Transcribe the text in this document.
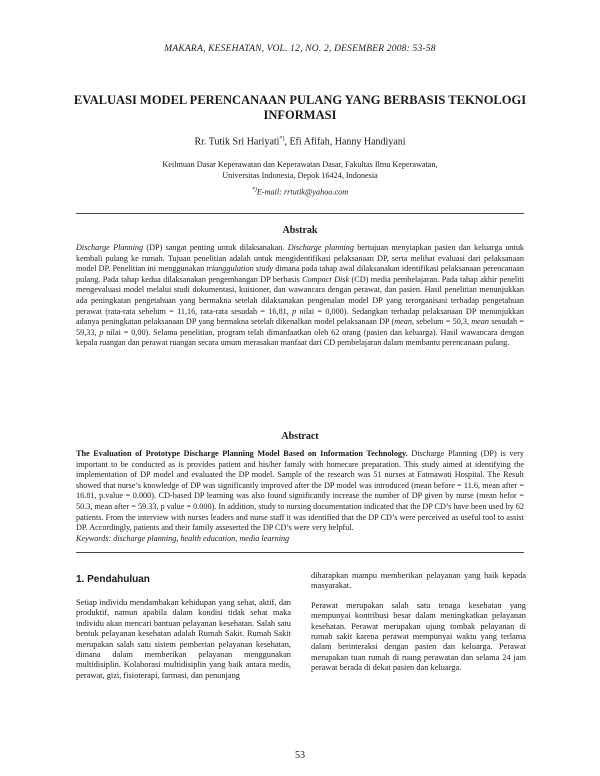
MAKARA, KESEHATAN, VOL. 12, NO. 2, DESEMBER 2008: 53-58
EVALUASI MODEL PERENCANAAN PULANG YANG BERBASIS TEKNOLOGI INFORMASI
Rr. Tutik Sri Hariyati*), Efi Afifah, Hanny Handiyani
Keilmuan Dasar Keperawatan dan Keperawatan Dasar, Fakultas Ilmu Keperawatan,
Universitas Indonesia, Depok 16424, Indonesia
*)E-mail: rrtutik@yahoo.com
Abstrak
Discharge Planning (DP) sangat penting untuk dilaksanakan. Discharge planning bertujuan menyiapkan pasien dan keluarga untuk kembali pulang ke rumah. Tujuan penelitian adalah untuk mengidentifikasi pelaksanaan DP, serta melihat evaluasi dari pelaksanaan model DP. Penelitian ini menggunakan trianggulation study dimana pada tahap awal dilaksanakan identifikasi pelaksanaan perencanaan pulang. Pada tahap kedua dilaksanakan pengembangan DP berbasis Compact Disk (CD) media pembelajaran. Pada tahap akhir peneliti mengevaluasi model melalui studi dokumentasi, kuisioner, dan wawancara dengan perawat, dan pasien. Hasil penelitian menunjukkan ada peningkatan pengetahuan yang bermakna setelah dilaksanakan pengenalan model DP yang terorganisasi terhadap pengetahuan perawat (rata-rata sebelum = 11,16, rata-rata sesudah = 16,81, p nilai = 0,000). Sedangkan terhadap pelaksanaan DP menunjukkan adanya peningkatan pelaksanaan DP yang bermakna setelah dikenalkan model pelaksanaan DP (mean, sebelum = 50,3, mean sesudah = 59,33, p nilai = 0,00). Selama penelitian, program telah dimanfaatkan oleh 62 orang (pasien dan keluarga). Hasil wawancara dengan kepala ruangan dan perawat ruangan secara umum merasakan manfaat dari CD pembelajaran dalam membantu perencanaan pulang.
Abstract
The Evaluation of Prototype Discharge Planning Model Based on Information Technology. Discharge Planning (DP) is very important to be conducted as is provides patient and his/her family with homecare preparation. This study aimed at identifying the implementation of DP model and evaluated the DP model. Sample of the research was 51 nurses at Fatmawati Hospital. The Result showed that nurse’s knowledge of DP was significantly improved after the DP model was introduced (mean before = 11.6, mean after = 16.81, p.value = 0.000). CD-based DP learning was also found significantly increase the number of DP given by nurse (mean hefor = 50.3, mean after = 59.33, p value = 0.000). In addition, study to nursing documentation indicated that the DP CD’s have been used by 62 patients. From the interview with nurses leaders and nurse staff it was identified that the DP CD’s were perceived as useful tool to assist DP. Accordingly, patients and their family asseserted the DP CD’s were very helpful.
Keywords: discharge planning, health education, media learning
1. Pendahuluan

Setiap individu mendambakan kehidupan yang sehat, aktif, dan produktif, namun apabila dalam kondisi tidak sehat maka individu akan mencari bantuan pelayanan kesehatan. Salah satu bentuk pelayanan kesehatan adalah Rumah Sakit. Rumah Sakit merupakan salah satu sistem pemberian pelayanan kesehatan, dimana dalam memberikan pelayanan menggunakan multidisiplin. Kolaborasi multidisiplin yang baik antara medis, perawat, gizi, fisioterapi, farmasi, dan penunjang

diharapkan mampu memberikan pelayanan yang baik kepada masyarakat.

Perawat merupakan salah satu tenaga kesehatan yang mempunyai kontribusi besar dalam meningkatkan pelayanan kesehatan. Perawat merupakan ujung tombak pelayanan di rumah sakit karena perawat mempunyai waktu yang terlama dalam berinteraksi dengan pasien dan keluarga. Perawat merupakan tuan rumah di ruang perawatan dan selama 24 jam perawat berada di dekat pasien dan keluarga.

53
